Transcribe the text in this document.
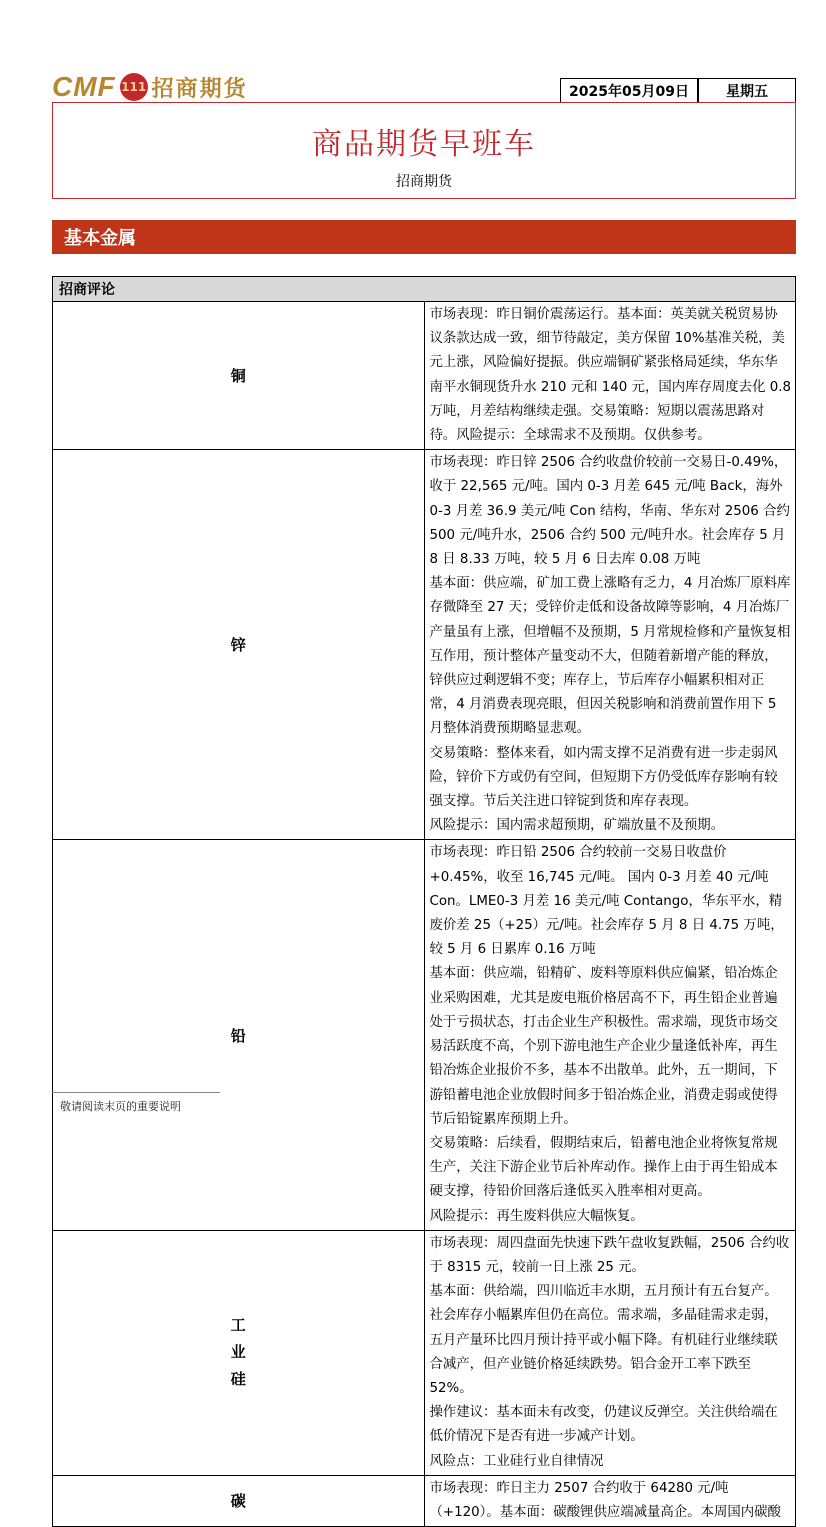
CMF 111 招商期货	2025年05月09日	星期五
商品期货早班车
招商期货
基本金属
招商评论	
铜	市场表现：昨日铜价震荡运行。基本面：英美就关税贸易协议条款达成一致，细节待敲定，美方保留 10%基准关税，美元上涨，风险偏好提振。供应端铜矿紧张格局延续，华东华南平水铜现货升水 210 元和 140 元，国内库存周度去化 0.8 万吨，月差结构继续走强。交易策略：短期以震荡思路对待。风险提示：全球需求不及预期。仅供参考。

锌	市场表现：昨日锌 2506 合约收盘价较前一交易日-0.49%，收于 22,565 元/吨。国内 0-3 月差 645 元/吨 Back，海外 0-3 月差 36.9 美元/吨 Con 结构，华南、华东对 2506 合约 500 元/吨升水，2506 合约 500 元/吨升水。社会库存 5 月 8 日 8.33 万吨，较 5 月 6 日去库 0.08 万吨

基本面：供应端，矿加工费上涨略有乏力，4 月冶炼厂原料库存微降至 27 天；受锌价走低和设备故障等影响，4 月冶炼厂产量虽有上涨，但增幅不及预期，5 月常规检修和产量恢复相互作用，预计整体产量变动不大，但随着新增产能的释放，锌供应过剩逻辑不变；库存上，节后库存小幅累积相对正常，4 月消费表现亮眼，但因关税影响和消费前置作用下 5 月整体消费预期略显悲观。

交易策略：整体来看，如内需支撑不足消费有进一步走弱风险，锌价下方或仍有空间，但短期下方仍受低库存影响有较强支撑。节后关注进口锌锭到货和库存表现。

风险提示：国内需求超预期，矿端放量不及预期。

铅	市场表现：昨日铅 2506 合约较前一交易日收盘价+0.45%，收至 16,745 元/吨。 国内 0-3 月差 40 元/吨 Con。LME0-3 月差 16 美元/吨 Contango，华东平水，精废价差 25（+25）元/吨。社会库存 5 月 8 日 4.75 万吨，较 5 月 6 日累库 0.16 万吨

基本面：供应端，铅精矿、废料等原料供应偏紧，铅冶炼企业采购困难，尤其是废电瓶价格居高不下，再生铅企业普遍处于亏损状态，打击企业生产积极性。需求端，现货市场交易活跃度不高，个别下游电池生产企业少量逢低补库，再生铅冶炼企业报价不多，基本不出散单。此外，五一期间，下游铅蓄电池企业放假时间多于铅冶炼企业，消费走弱或使得节后铅锭累库预期上升。

交易策略：后续看，假期结束后，铅蓄电池企业将恢复常规生产，关注下游企业节后补库动作。操作上由于再生铅成本硬支撑，待铅价回落后逢低买入胜率相对更高。

风险提示：再生废料供应大幅恢复。

工业硅	市场表现：周四盘面先快速下跌午盘收复跌幅，2506 合约收于 8315 元，较前一日上涨 25 元。

基本面：供给端，四川临近丰水期，五月预计有五台复产。社会库存小幅累库但仍在高位。需求端，多晶硅需求走弱，五月产量环比四月预计持平或小幅下降。有机硅行业继续联合减产，但产业链价格延续跌势。铝合金开工率下跌至 52%。

操作建议：基本面未有改变，仍建议反弹空。关注供给端在低价情况下是否有进一步减产计划。

风险点：工业硅行业自律情况

碳	市场表现：昨日主力 2507 合约收于 64280 元/吨（+120）。基本面：碳酸锂供应端减量高企。本周国内碳酸

敬请阅读末页的重要说明
